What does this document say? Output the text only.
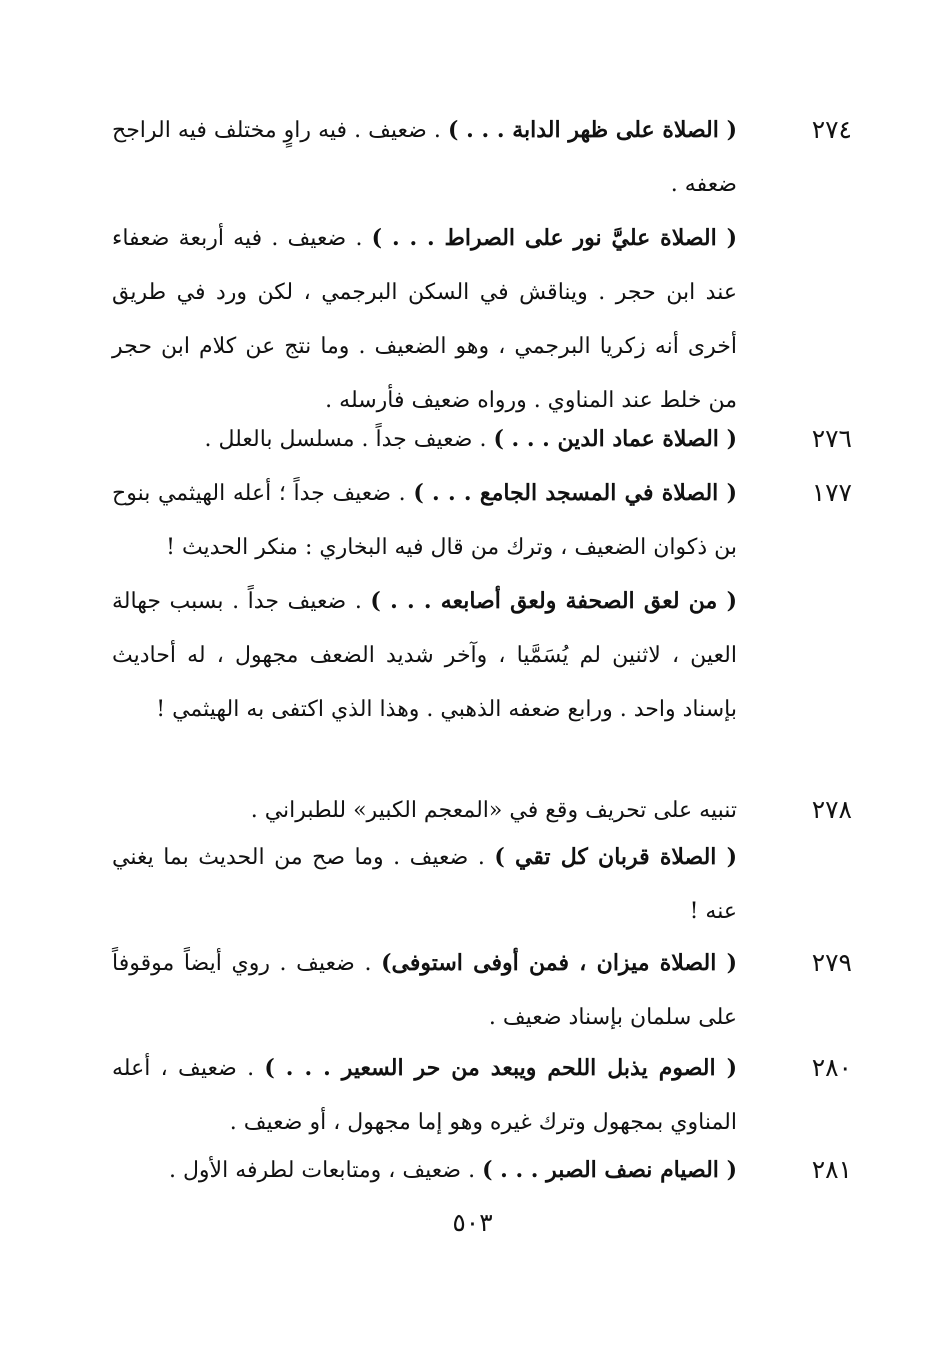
٢٧٤

( الصلاة على ظهر الدابة . . . ) . ضعيف . فيه راوٍ مختلف فيه الراجح ضعفه .

( الصلاة عليَّ نور على الصراط . . . ) . ضعيف . فيه أربعة ضعفاء عند ابن حجر . ويناقش في السكن البرجمي ، لكن ورد في طريق أخرى أنه زكريا البرجمي ، وهو الضعيف . وما نتج عن كلام ابن حجر من خلط عند المناوي . ورواه ضعيف فأرسله .

٢٧٦

( الصلاة عماد الدين . . . ) . ضعيف جداً . مسلسل بالعلل .

١٧٧

( الصلاة في المسجد الجامع . . . ) . ضعيف جداً ؛ أعله الهيثمي بنوح بن ذكوان الضعيف ، وترك من قال فيه البخاري : منكر الحديث !

( من لعق الصحفة ولعق أصابعه . . . ) . ضعيف جداً . بسبب جهالة العين ، لاثنين لم يُسَمَّيا ، وآخر شديد الضعف مجهول ، له أحاديث بإسناد واحد . ورابع ضعفه الذهبي . وهذا الذي اكتفى به الهيثمي !

٢٧٨

تنبيه على تحريف وقع في «المعجم الكبير» للطبراني .

( الصلاة قربان كل تقي ) . ضعيف . وما صح من الحديث بما يغني عنه !

٢٧٩

( الصلاة ميزان ، فمن أوفى استوفى) . ضعيف . روي أيضاً موقوفاً على سلمان بإسناد ضعيف .

٢٨٠

( الصوم يذبل اللحم ويبعد من حر السعير . . . ) . ضعيف ، أعله المناوي بمجهول وترك غيره وهو إما مجهول ، أو ضعيف .

٢٨١

( الصيام نصف الصبر . . . ) . ضعيف ، ومتابعات لطرفه الأول .

٥٠٣
